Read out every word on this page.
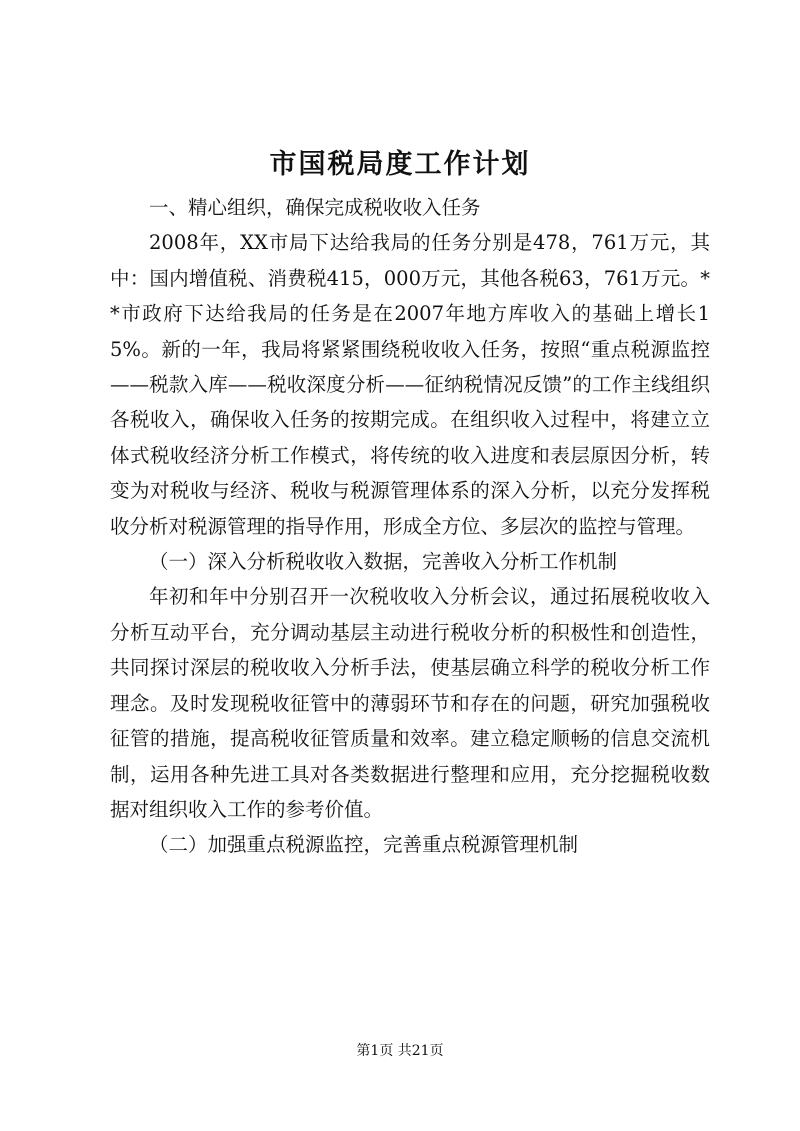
市国税局度工作计划

一、精心组织，确保完成税收收入任务

2008年，XX市局下达给我局的任务分别是478，761万元，其中：国内增值税、消费税415，000万元，其他各税63，761万元。**市政府下达给我局的任务是在2007年地方库收入的基础上增长15%。新的一年，我局将紧紧围绕税收收入任务，按照“重点税源监控——税款入库——税收深度分析——征纳税情况反馈”的工作主线组织各税收入，确保收入任务的按期完成。在组织收入过程中，将建立立体式税收经济分析工作模式，将传统的收入进度和表层原因分析，转变为对税收与经济、税收与税源管理体系的深入分析，以充分发挥税收分析对税源管理的指导作用，形成全方位、多层次的监控与管理。

（一）深入分析税收收入数据，完善收入分析工作机制

年初和年中分别召开一次税收收入分析会议，通过拓展税收收入分析互动平台，充分调动基层主动进行税收分析的积极性和创造性，共同探讨深层的税收收入分析手法，使基层确立科学的税收分析工作理念。及时发现税收征管中的薄弱环节和存在的问题，研究加强税收征管的措施，提高税收征管质量和效率。建立稳定顺畅的信息交流机制，运用各种先进工具对各类数据进行整理和应用，充分挖掘税收数据对组织收入工作的参考价值。

（二）加强重点税源监控，完善重点税源管理机制

第1页 共21页
